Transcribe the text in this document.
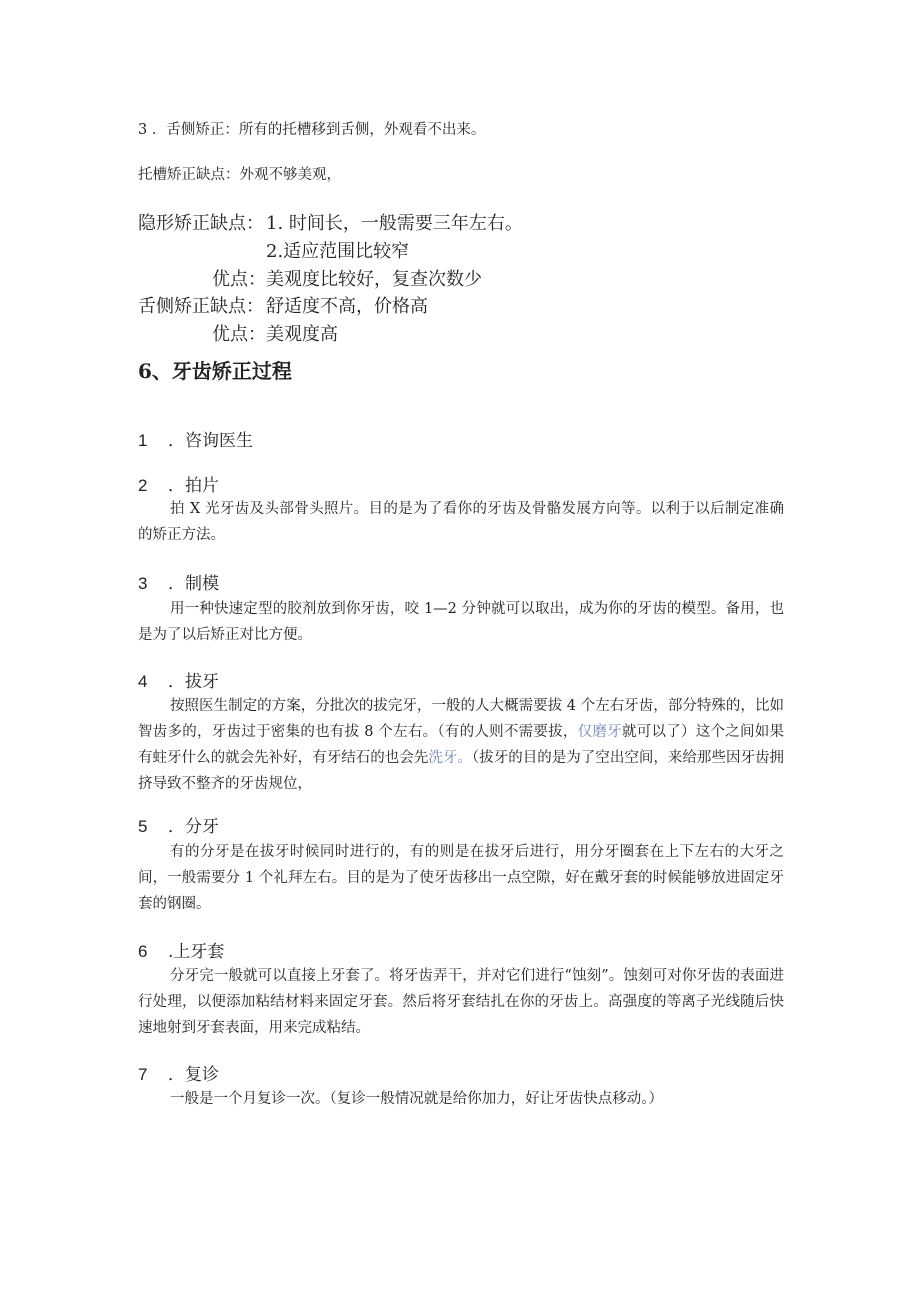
3 ．舌侧矫正：所有的托槽移到舌侧，外观看不出来。
托槽矫正缺点：外观不够美观，
隐形矫正缺点： 1. 时间长，一般需要三年左右。
2.适应范围比较窄
优点： 美观度比较好，复查次数少
舌侧矫正缺点： 舒适度不高，价格高
优点： 美观度高
6、牙齿矫正过程
1 ．咨询医生
2 ．拍片
拍 X 光牙齿及头部骨头照片。目的是为了看你的牙齿及骨骼发展方向等。以利于以后制定准确的矫正方法。
3 ．制模
用一种快速定型的胶剂放到你牙齿，咬 1—2 分钟就可以取出，成为你的牙齿的模型。备用，也是为了以后矫正对比方便。
4 ．拔牙
按照医生制定的方案，分批次的拔完牙，一般的人大概需要拔 4 个左右牙齿，部分特殊的，比如智齿多的，牙齿过于密集的也有拔 8 个左右。（有的人则不需要拔，仅磨牙就可以了）这个之间如果有蛀牙什么的就会先补好，有牙结石的也会先洗牙。（拔牙的目的是为了空出空间，来给那些因牙齿拥挤导致不整齐的牙齿规位，
5 ．分牙
有的分牙是在拔牙时候同时进行的，有的则是在拔牙后进行，用分牙圈套在上下左右的大牙之间，一般需要分 1 个礼拜左右。目的是为了使牙齿移出一点空隙，好在戴牙套的时候能够放进固定牙套的钢圈。
6 .上牙套
分牙完一般就可以直接上牙套了。将牙齿弄干，并对它们进行“蚀刻”。蚀刻可对你牙齿的表面进行处理，以便添加粘结材料来固定牙套。然后将牙套结扎在你的牙齿上。高强度的等离子光线随后快速地射到牙套表面，用来完成粘结。
7 ．复诊
一般是一个月复诊一次。（复诊一般情况就是给你加力，好让牙齿快点移动。）
